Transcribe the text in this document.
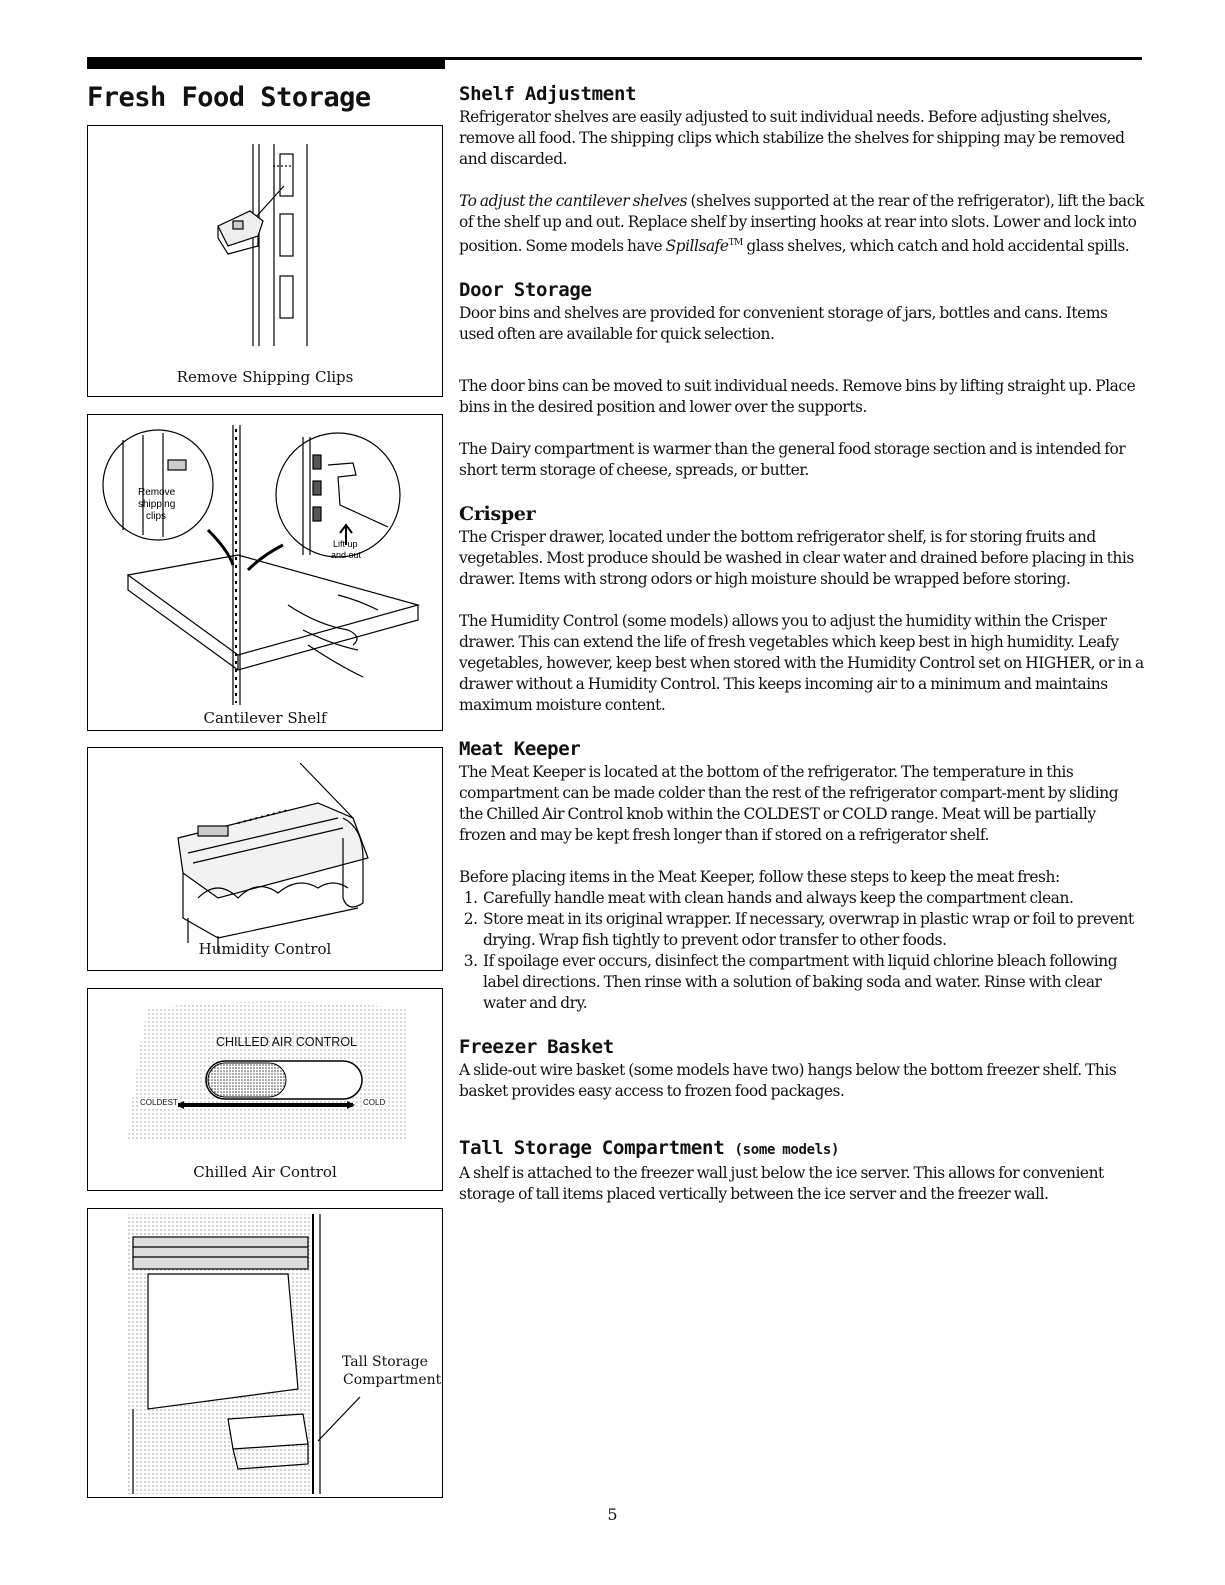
Fresh Food Storage
Remove Shipping Clips
Remove
shipping
clips
Lift up
and out
Cantilever Shelf
Humidity Control
CHILLED AIR CONTROL
COLDEST	COLD
Chilled Air Control
Tall Storage
Compartment
Shelf Adjustment

Refrigerator shelves are easily adjusted to suit individual needs. Before adjusting shelves, remove all food. The shipping clips which stabilize the shelves for shipping may be removed and discarded.

To adjust the cantilever shelves (shelves supported at the rear of the refrigerator), lift the back of the shelf up and out. Replace shelf by inserting hooks at rear into slots. Lower and lock into position. Some models have Spillsafe™ glass shelves, which catch and hold accidental spills.

Door Storage

Door bins and shelves are provided for convenient storage of jars, bottles and cans. Items used often are available for quick selection.

The door bins can be moved to suit individual needs. Remove bins by lifting straight up. Place bins in the desired position and lower over the supports.

The Dairy compartment is warmer than the general food storage section and is intended for short term storage of cheese, spreads, or butter.

Crisper

The Crisper drawer, located under the bottom refrigerator shelf, is for storing fruits and vegetables. Most produce should be washed in clear water and drained before placing in this drawer. Items with strong odors or high moisture should be wrapped before storing.

The Humidity Control (some models) allows you to adjust the humidity within the Crisper drawer. This can extend the life of fresh vegetables which keep best in high humidity. Leafy vegetables, however, keep best when stored with the Humidity Control set on HIGHER, or in a drawer without a Humidity Control. This keeps incoming air to a minimum and maintains maximum moisture content.

Meat Keeper

The Meat Keeper is located at the bottom of the refrigerator. The temperature in this compartment can be made colder than the rest of the refrigerator compart-ment by sliding the Chilled Air Control knob within the COLDEST or COLD range. Meat will be partially frozen and may be kept fresh longer than if stored on a refrigerator shelf.

Before placing items in the Meat Keeper, follow these steps to keep the meat fresh:

1. Carefully handle meat with clean hands and always keep the compartment clean.
2. Store meat in its original wrapper. If necessary, overwrap in plastic wrap or foil to prevent drying. Wrap fish tightly to prevent odor transfer to other foods.
3. If spoilage ever occurs, disinfect the compartment with liquid chlorine bleach following label directions. Then rinse with a solution of baking soda and water. Rinse with clear water and dry.
Freezer Basket

A slide-out wire basket (some models have two) hangs below the bottom freezer shelf. This basket provides easy access to frozen food packages.

Tall Storage Compartment (some models)

A shelf is attached to the freezer wall just below the ice server. This allows for convenient storage of tall items placed vertically between the ice server and the freezer wall.

5
